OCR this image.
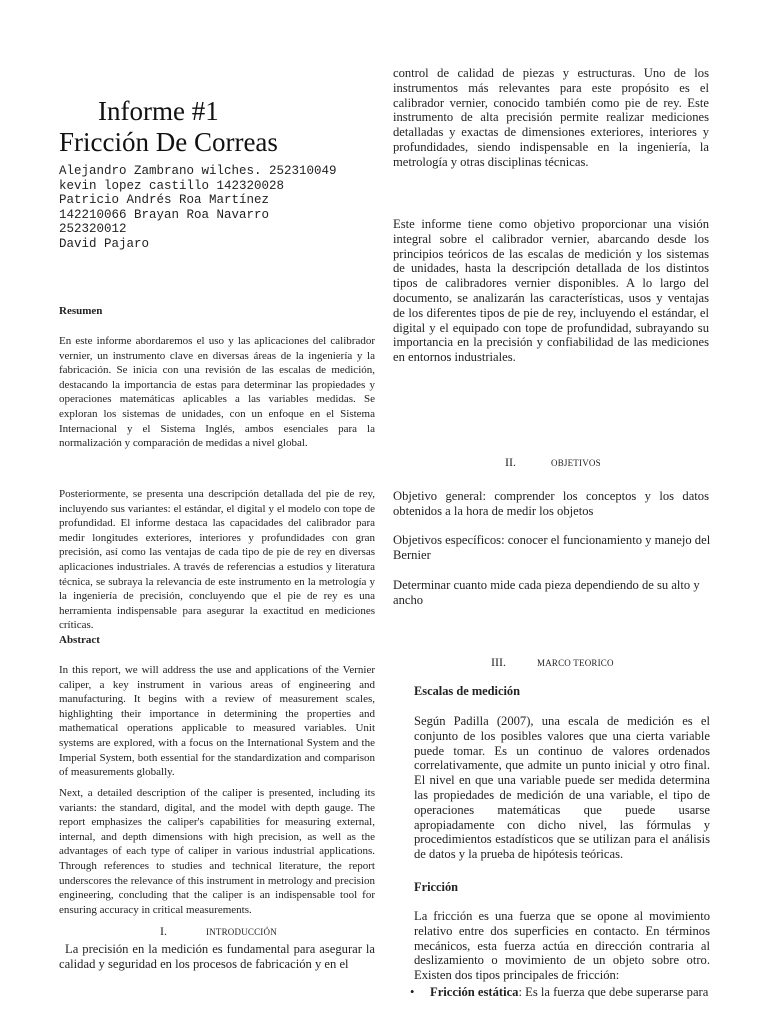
Informe #1
Fricción De Correas
Alejandro Zambrano wilches. 252310049
kevin lopez castillo 142320028
Patricio Andrés Roa Martínez
142210066 Brayan Roa Navarro
252320012
David Pajaro
Resumen
En este informe abordaremos el uso y las aplicaciones del calibrador vernier, un instrumento clave en diversas áreas de la ingeniería y la fabricación. Se inicia con una revisión de las escalas de medición, destacando la importancia de estas para determinar las propiedades y operaciones matemáticas aplicables a las variables medidas. Se exploran los sistemas de unidades, con un enfoque en el Sistema Internacional y el Sistema Inglés, ambos esenciales para la normalización y comparación de medidas a nivel global.
Posteriormente, se presenta una descripción detallada del pie de rey, incluyendo sus variantes: el estándar, el digital y el modelo con tope de profundidad. El informe destaca las capacidades del calibrador para medir longitudes exteriores, interiores y profundidades con gran precisión, así como las ventajas de cada tipo de pie de rey en diversas aplicaciones industriales. A través de referencias a estudios y literatura técnica, se subraya la relevancia de este instrumento en la metrología y la ingeniería de precisión, concluyendo que el pie de rey es una herramienta indispensable para asegurar la exactitud en mediciones críticas.
Abstract
In this report, we will address the use and applications of the Vernier caliper, a key instrument in various areas of engineering and manufacturing. It begins with a review of measurement scales, highlighting their importance in determining the properties and mathematical operations applicable to measured variables. Unit systems are explored, with a focus on the International System and the Imperial System, both essential for the standardization and comparison of measurements globally.
Next, a detailed description of the caliper is presented, including its variants: the standard, digital, and the model with depth gauge. The report emphasizes the caliper's capabilities for measuring external, internal, and depth dimensions with high precision, as well as the advantages of each type of caliper in various industrial applications. Through references to studies and technical literature, the report underscores the relevance of this instrument in metrology and precision engineering, concluding that the caliper is an indispensable tool for ensuring accuracy in critical measurements.
I.	INTRODUCCIÓN
La precisión en la medición es fundamental para asegurar la calidad y seguridad en los procesos de fabricación y en el
control de calidad de piezas y estructuras. Uno de los instrumentos más relevantes para este propósito es el calibrador vernier, conocido también como pie de rey. Este instrumento de alta precisión permite realizar mediciones detalladas y exactas de dimensiones exteriores, interiores y profundidades, siendo indispensable en la ingeniería, la metrología y otras disciplinas técnicas.
Este informe tiene como objetivo proporcionar una visión integral sobre el calibrador vernier, abarcando desde los principios teóricos de las escalas de medición y los sistemas de unidades, hasta la descripción detallada de los distintos tipos de calibradores vernier disponibles. A lo largo del documento, se analizarán las características, usos y ventajas de los diferentes tipos de pie de rey, incluyendo el estándar, el digital y el equipado con tope de profundidad, subrayando su importancia en la precisión y confiabilidad de las mediciones en entornos industriales.
II.	OBJETIVOS
Objetivo general: comprender los conceptos y los datos obtenidos a la hora de medir los objetos
Objetivos específicos: conocer el funcionamiento y manejo del Bernier
Determinar cuanto mide cada pieza dependiendo de su alto y ancho
III.	MARCO TEORICO
Escalas de medición
Según Padilla (2007), una escala de medición es el conjunto de los posibles valores que una cierta variable puede tomar. Es un continuo de valores ordenados correlativamente, que admite un punto inicial y otro final. El nivel en que una variable puede ser medida determina las propiedades de medición de una variable, el tipo de operaciones matemáticas que puede usarse apropiadamente con dicho nivel, las fórmulas y procedimientos estadísticos que se utilizan para el análisis de datos y la prueba de hipótesis teóricas.
Fricción
La fricción es una fuerza que se opone al movimiento relativo entre dos superficies en contacto. En términos mecánicos, esta fuerza actúa en dirección contraria al deslizamiento o movimiento de un objeto sobre otro. Existen dos tipos principales de fricción:
• Fricción estática: Es la fuerza que debe superarse para
